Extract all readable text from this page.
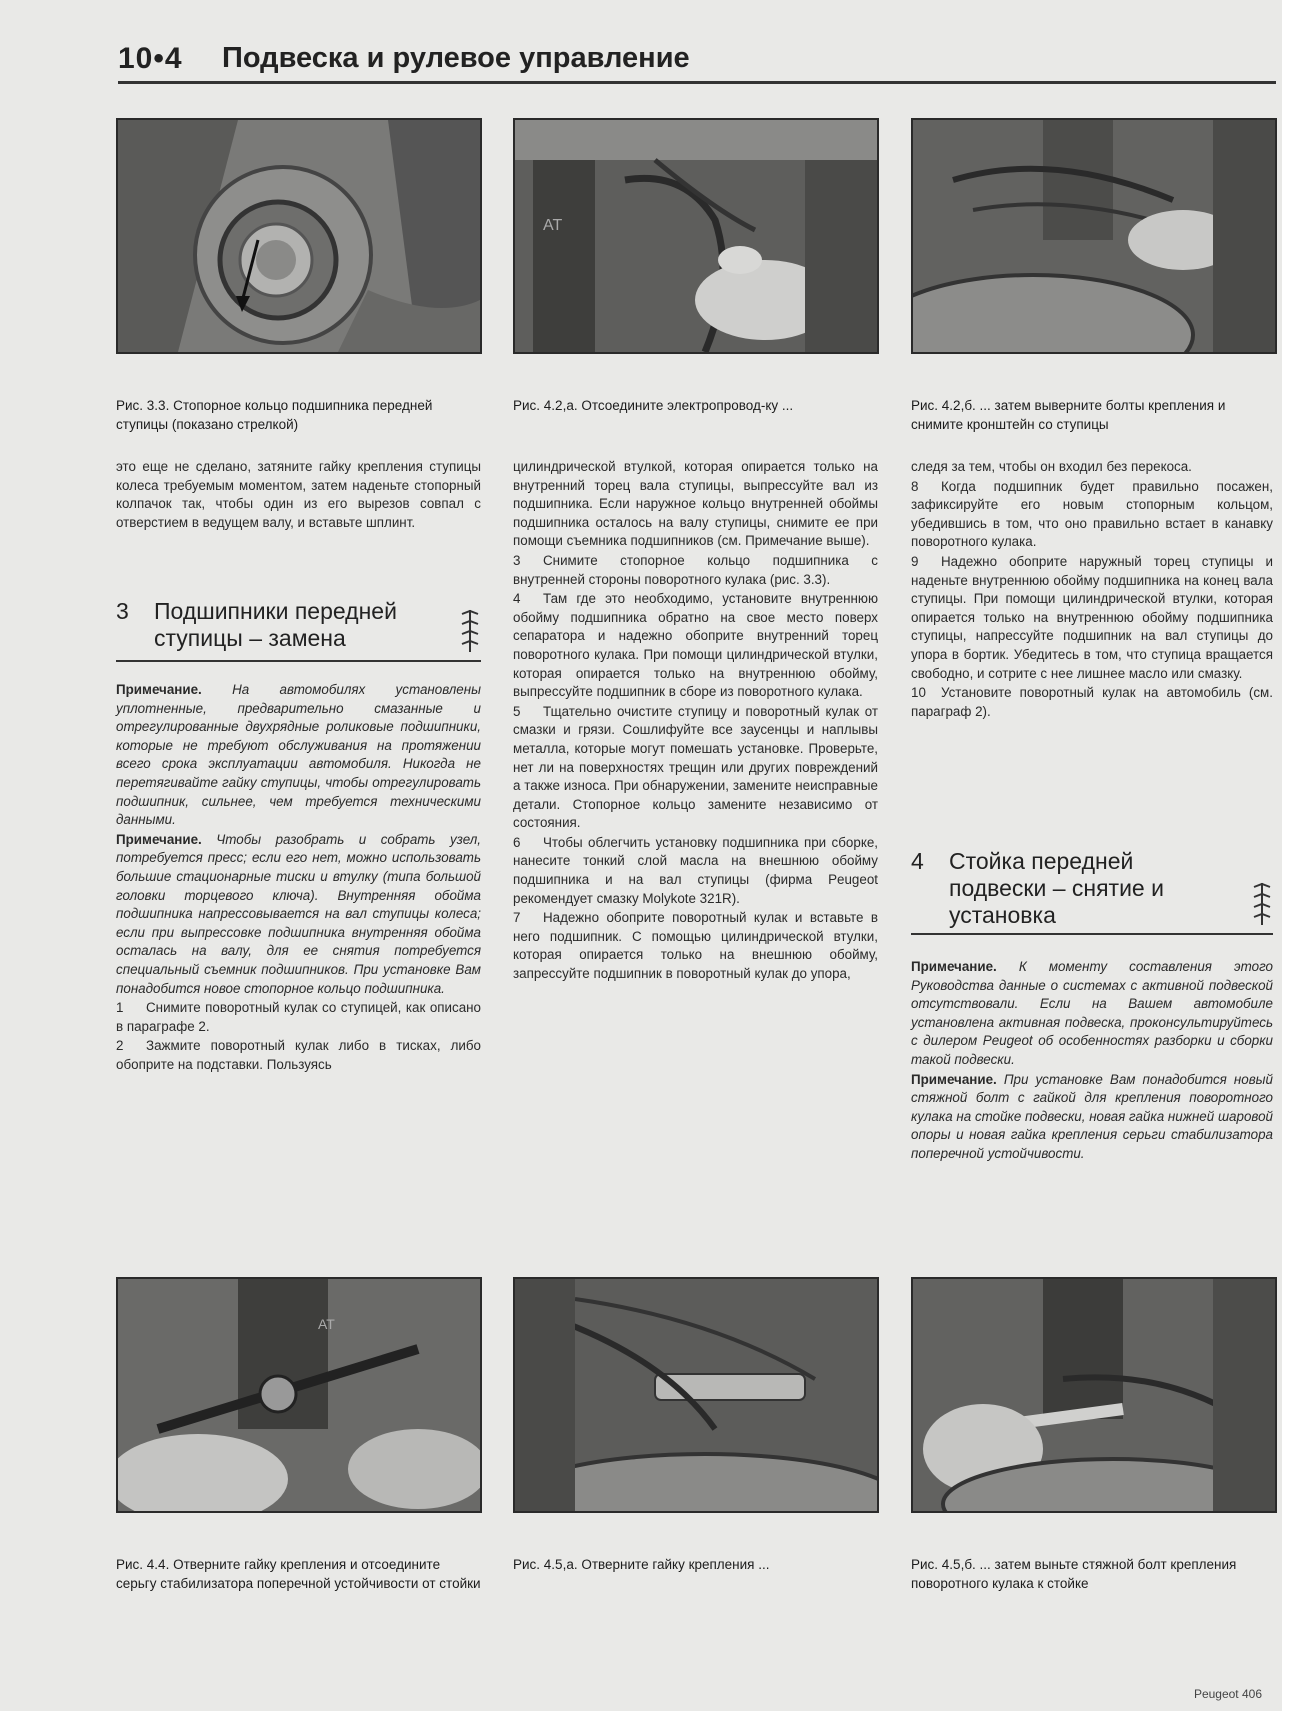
10•4 Подвеска и рулевое управление
AT
Рис. 3.3. Стопорное кольцо подшипника передней ступицы (показано стрелкой)
Рис. 4.2,а. Отсоедините электропровод-ку ...	Рис. 4.2,б. ... затем выверните болты крепления и снимите кронштейн со ступицы

это еще не сделано, затяните гайку крепления ступицы колеса требуемым моментом, затем наденьте стопорный колпачок так, чтобы один из его вырезов совпал с отверстием в ведущем валу, и вставьте шплинт.

3 Подшипники передней ступицы – замена

Примечание. На автомобилях установлены уплотненные, предварительно смазанные и отрегулированные двухрядные роликовые подшипники, которые не требуют обслуживания на протяжении всего срока эксплуатации автомобиля. Никогда не перетягивайте гайку ступицы, чтобы отрегулировать подшипник, сильнее, чем требуется техническими данными.

Примечание. Чтобы разобрать и собрать узел, потребуется пресс; если его нет, можно использовать большие стационарные тиски и втулку (типа большой головки торцевого ключа). Внутренняя обойма подшипника напрессовывается на вал ступицы колеса; если при выпрессовке подшипника внутренняя обойма осталась на валу, для ее снятия потребуется специальный съемник подшипников. При установке Вам понадобится новое стопорное кольцо подшипника.

1 Снимите поворотный кулак со ступицей, как описано в параграфе 2.

2 Зажмите поворотный кулак либо в тисках, либо обоприте на подставки. Пользуясь

цилиндрической втулкой, которая опирается только на внутренний торец вала ступицы, выпрессуйте вал из подшипника. Если наружное кольцо внутренней обоймы подшипника осталось на валу ступицы, снимите ее при помощи съемника подшипников (см. Примечание выше).

3 Снимите стопорное кольцо подшипника с внутренней стороны поворотного кулака (рис. 3.3).

4 Там где это необходимо, установите внутреннюю обойму подшипника обратно на свое место поверх сепаратора и надежно обоприте внутренний торец поворотного кулака. При помощи цилиндрической втулки, которая опирается только на внутреннюю обойму, выпрессуйте подшипник в сборе из поворотного кулака.

5 Тщательно очистите ступицу и поворотный кулак от смазки и грязи. Сошлифуйте все заусенцы и наплывы металла, которые могут помешать установке. Проверьте, нет ли на поверхностях трещин или других повреждений а также износа. При обнаружении, замените неисправные детали. Стопорное кольцо замените независимо от состояния.

6 Чтобы облегчить установку подшипника при сборке, нанесите тонкий слой масла на внешнюю обойму подшипника и на вал ступицы (фирма Peugeot рекомендует смазку Molykote 321R).

7 Надежно обоприте поворотный кулак и вставьте в него подшипник. С помощью цилиндрической втулки, которая опирается только на внешнюю обойму, запрессуйте подшипник в поворотный кулак до упора,

следя за тем, чтобы он входил без перекоса.

8 Когда подшипник будет правильно посажен, зафиксируйте его новым стопорным кольцом, убедившись в том, что оно правильно встает в канавку поворотного кулака.

9 Надежно обоприте наружный торец ступицы и наденьте внутреннюю обойму подшипника на конец вала ступицы. При помощи цилиндрической втулки, которая опирается только на внутреннюю обойму подшипника ступицы, напрессуйте подшипник на вал ступицы до упора в бортик. Убедитесь в том, что ступица вращается свободно, и сотрите с нее лишнее масло или смазку.

10 Установите поворотный кулак на автомобиль (см. параграф 2).

4 Стойка передней подвески – снятие и установка

Примечание. К моменту составления этого Руководства данные о системах с активной подвеской отсутствовали. Если на Вашем автомобиле установлена активная подвеска, проконсультируйтесь с дилером Peugeot об особенностях разборки и сборки такой подвески.

Примечание. При установке Вам понадобится новый стяжной болт с гайкой для крепления поворотного кулака на стойке подвески, новая гайка нижней шаровой опоры и новая гайка крепления серьги стабилизатора поперечной устойчивости.

AT
Рис. 4.4. Отверните гайку крепления и отсоедините серьгу стабилизатора поперечной устойчивости от стойки
Рис. 4.5,а. Отверните гайку крепления ...	Рис. 4.5,б. ... затем выньте стяжной болт крепления поворотного кулака к стойке
Peugeot 406
